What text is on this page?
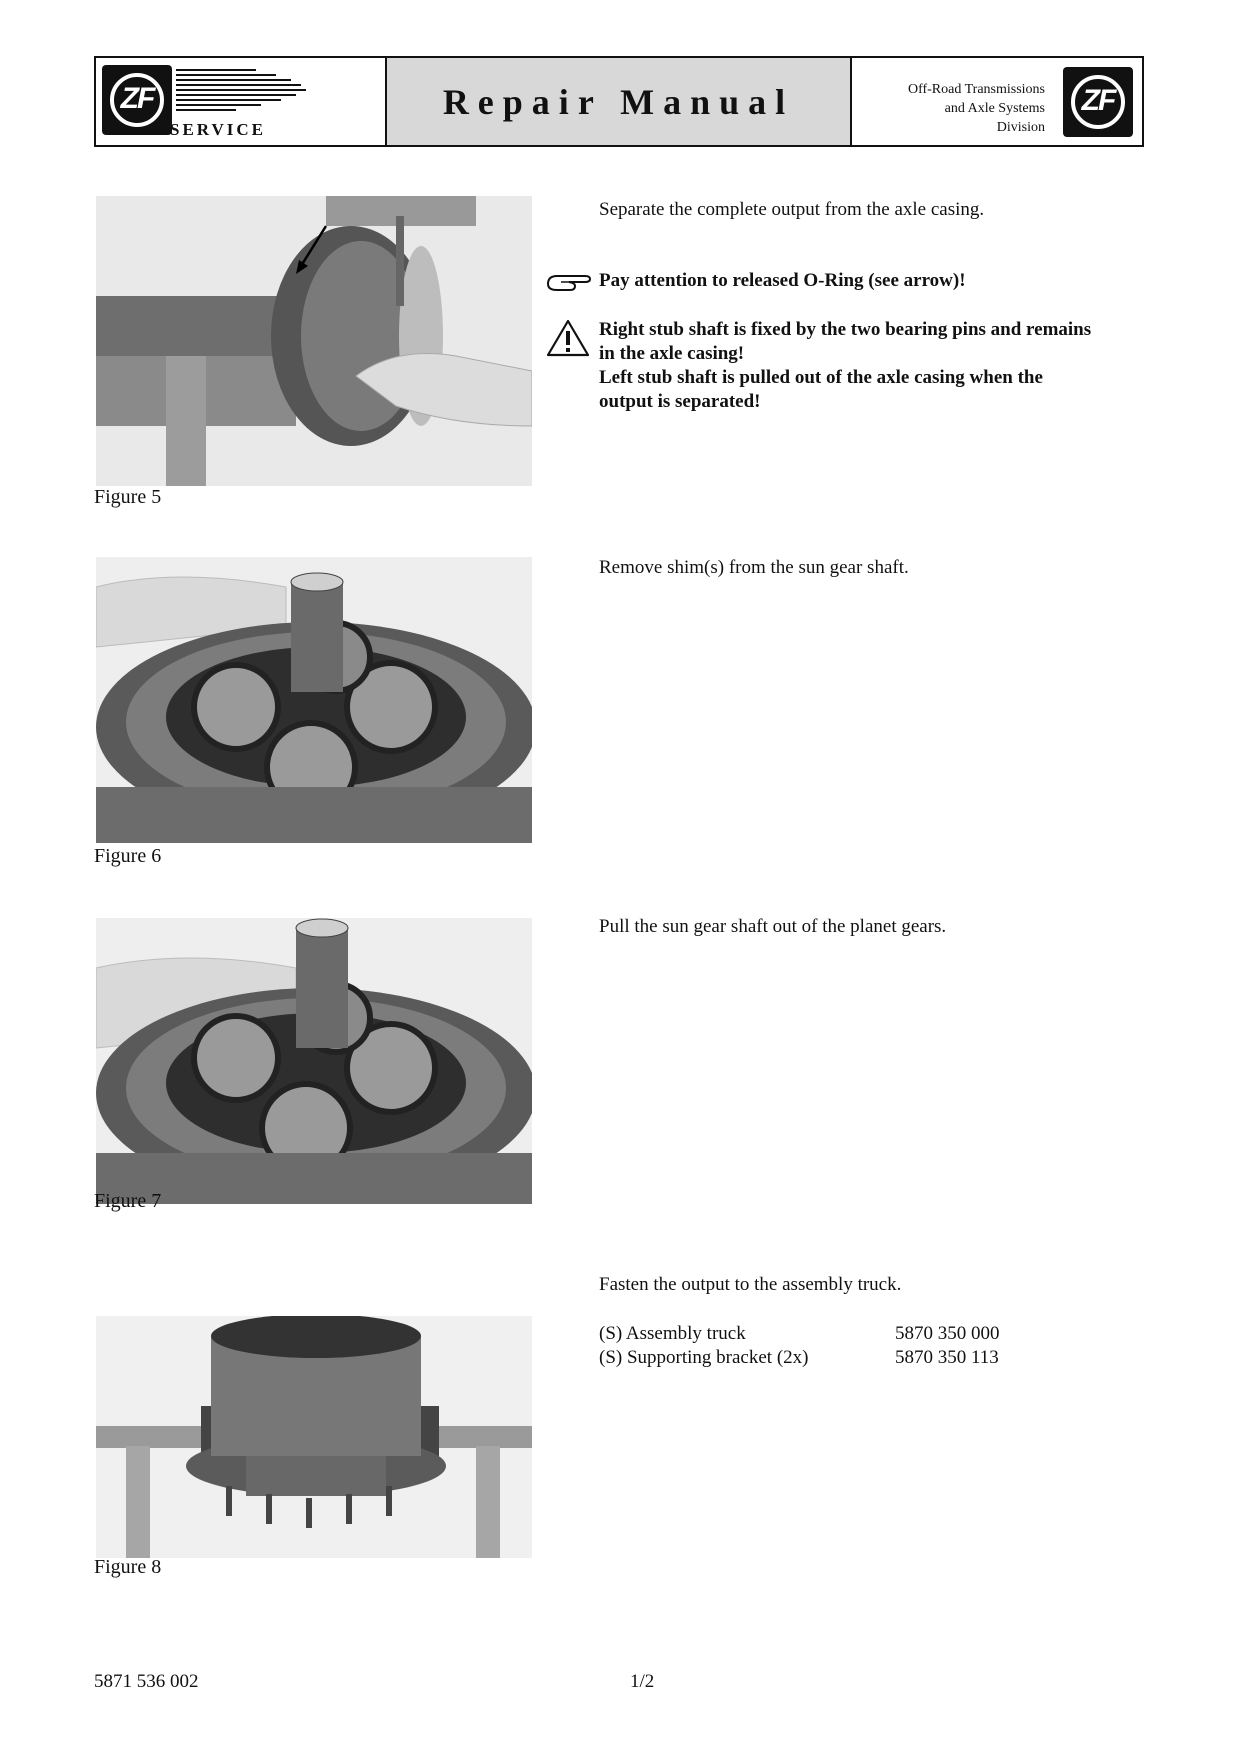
ZF
SERVICE
Repair Manual	Off-Road Transmissions
and Axle Systems
Division
ZF
Figure 5
Separate the complete output from the axle casing.
Pay attention to released O-Ring (see arrow)!
Right stub shaft is fixed by the two bearing pins and remains
in the axle casing!
Left stub shaft is pulled out of the axle casing when the
output is separated!
Figure 6
Remove shim(s) from the sun gear shaft.
Figure 7
Pull the sun gear shaft out of the planet gears.
Figure 8
Fasten the output to the assembly truck.
(S) Assembly truck	5870 350 000
(S) Supporting bracket (2x)	5870 350 113
5871 536 002	1/2
